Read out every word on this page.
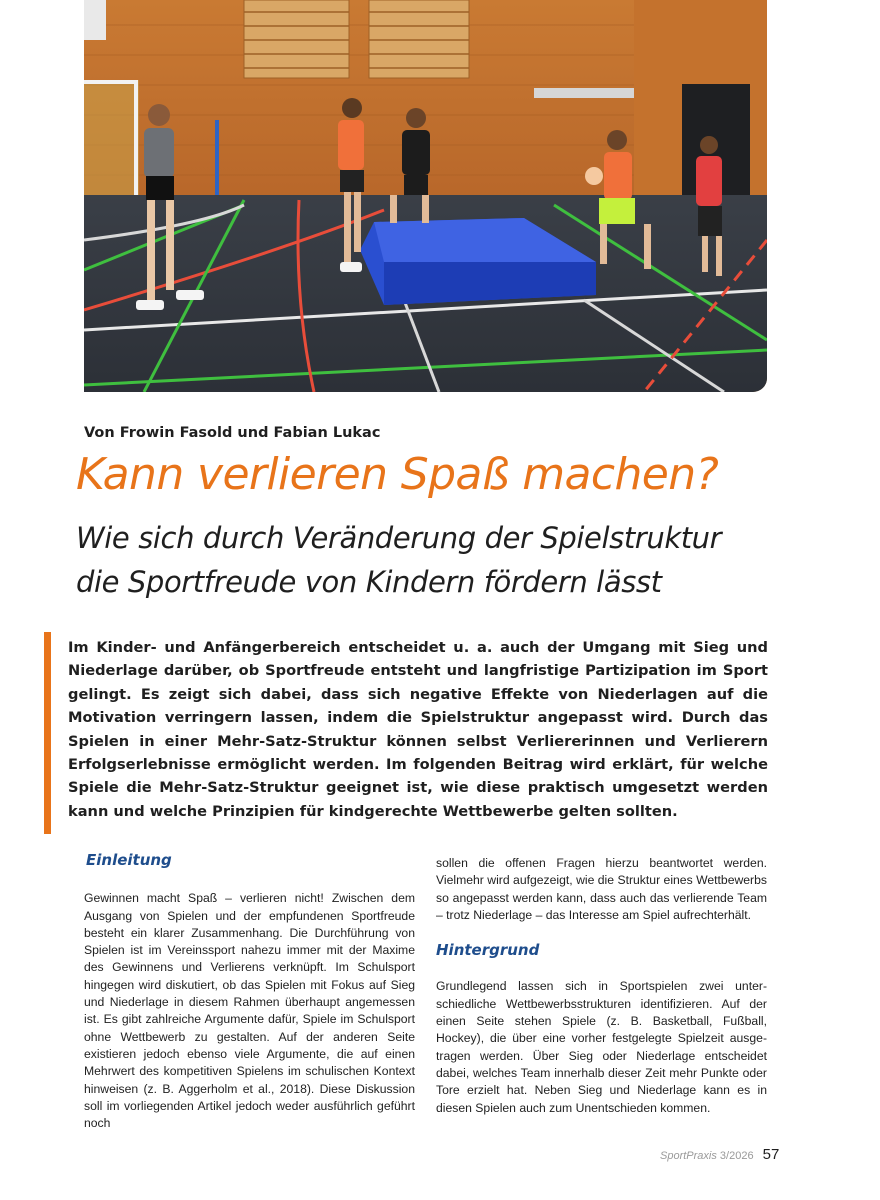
Von Frowin Fasold und Fabian Lukac
Kann verlieren Spaß machen?
Wie sich durch Veränderung der Spielstruktur
die Sportfreude von Kindern fördern lässt

Im Kinder- und Anfängerbereich entscheidet u. a. auch der Umgang mit Sieg und Niederlage darüber, ob Sportfreude entsteht und langfristige Partizipation im Sport gelingt. Es zeigt sich dabei, dass sich negative Effekte von Niederlagen auf die Motivation verringern lassen, indem die Spielstruktur angepasst wird. Durch das Spielen in einer Mehr-Satz-Struktur können selbst Verliererinnen und Verlierern Erfolgserlebnisse ermöglicht werden. Im folgenden Beitrag wird erklärt, für welche Spiele die Mehr-Satz-Struktur geeignet ist, wie diese praktisch umgesetzt werden kann und welche Prinzipien für kindgerechte Wettbewerbe gelten sollten.

Einleitung

Gewinnen macht Spaß – verlieren nicht! Zwischen dem Ausgang von Spielen und der empfundenen Sportfreude besteht ein klarer Zusammenhang. Die Durchführung von Spielen ist im Vereinssport nahezu immer mit der Maxime des Gewinnens und Verlierens verknüpft. Im Schulsport hingegen wird diskutiert, ob das Spielen mit Fokus auf Sieg und Niederlage in diesem Rahmen überhaupt angemessen ist. Es gibt zahlreiche Argumente dafür, Spiele im Schulsport ohne Wettbewerb zu gestalten. Auf der anderen Seite existieren jedoch ebenso viele Argumente, die auf einen Mehrwert des kompetitiven Spielens im schulischen Kontext hinweisen (z. B. Aggerholm et al., 2018). Diese Diskussion soll im vorliegenden Artikel jedoch weder ausführlich geführt noch

sollen die offenen Fragen hierzu beantwortet werden. Vielmehr wird aufgezeigt, wie die Struktur eines Wettbewerbs so angepasst werden kann, dass auch das verlierende Team – trotz Niederlage – das Interesse am Spiel aufrechterhält.

Hintergrund

Grundlegend lassen sich in Sportspielen zwei unterschiedliche Wettbewerbsstrukturen identifizieren. Auf der einen Seite stehen Spiele (z. B. Basketball, Fußball, Hockey), die über eine vorher festgelegte Spielzeit ausgetragen werden. Über Sieg oder Niederlage entscheidet dabei, welches Team innerhalb dieser Zeit mehr Punkte oder Tore erzielt hat. Neben Sieg und Niederlage kann es in diesen Spielen auch zum Unentschieden kommen.

SportPraxis 3/2026 57
